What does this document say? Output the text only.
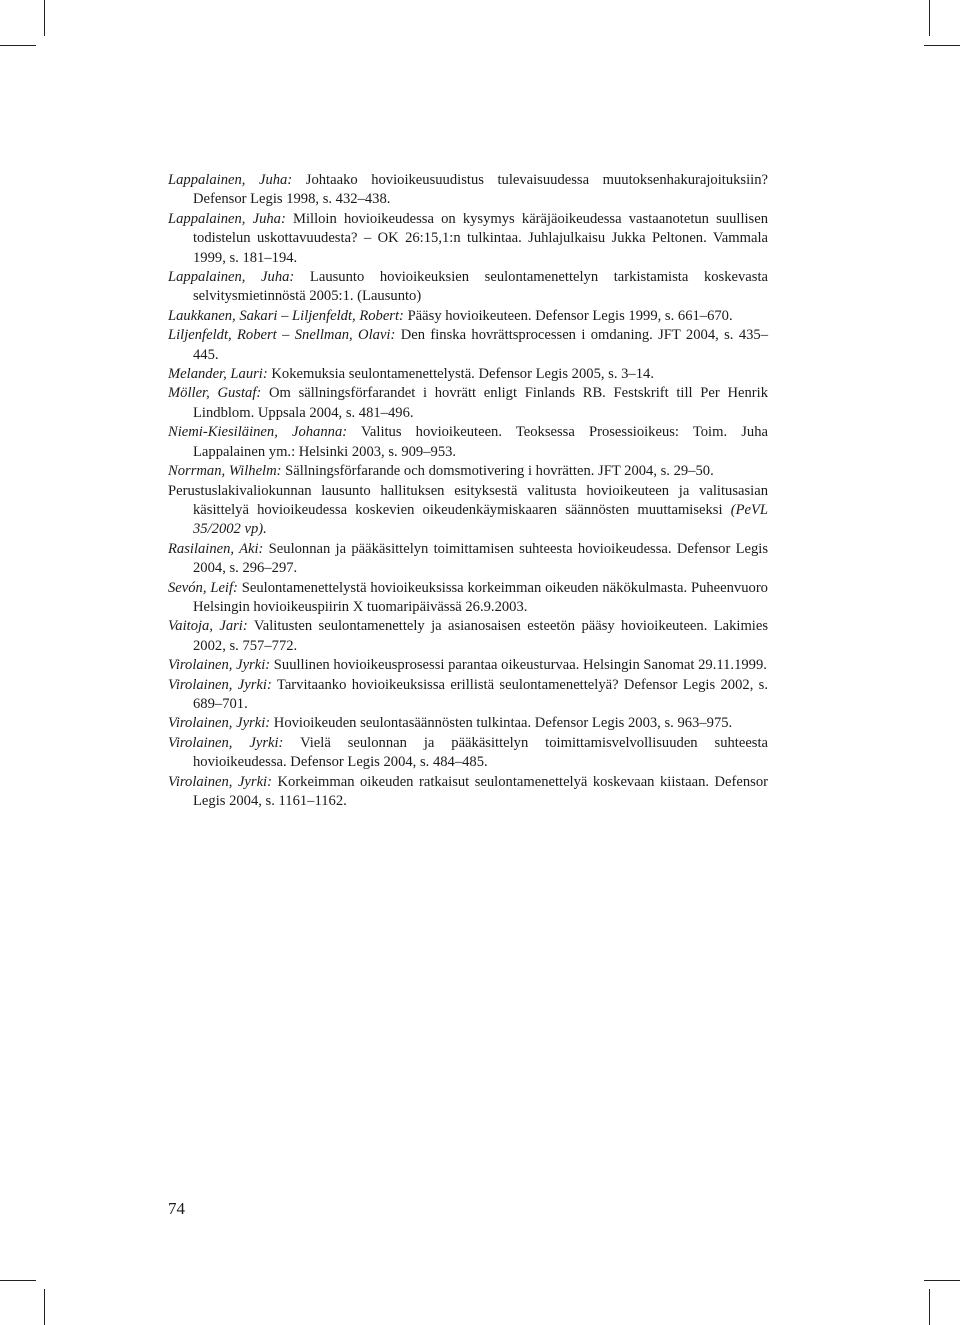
Lappalainen, Juha: Johtaako hovioikeusuudistus tulevaisuudessa muutoksenhakurajoituksiin? Defensor Legis 1998, s. 432–438.
Lappalainen, Juha: Milloin hovioikeudessa on kysymys käräjäoikeudessa vastaanotetun suullisen todistelun uskottavuudesta? – OK 26:15,1:n tulkintaa. Juhlajulkaisu Jukka Peltonen. Vammala 1999, s. 181–194.
Lappalainen, Juha: Lausunto hovioikeuksien seulontamenettelyn tarkistamista koskevasta selvitysmietinnöstä 2005:1. (Lausunto)
Laukkanen, Sakari – Liljenfeldt, Robert: Pääsy hovioikeuteen. Defensor Legis 1999, s. 661–670.
Liljenfeldt, Robert – Snellman, Olavi: Den finska hovrättsprocessen i omdaning. JFT 2004, s. 435–445.
Melander, Lauri: Kokemuksia seulontamenettelystä. Defensor Legis 2005, s. 3–14.
Möller, Gustaf: Om sällningsförfarandet i hovrätt enligt Finlands RB. Festskrift till Per Henrik Lindblom. Uppsala 2004, s. 481–496.
Niemi-Kiesiläinen, Johanna: Valitus hovioikeuteen. Teoksessa Prosessioikeus: Toim. Juha Lappalainen ym.: Helsinki 2003, s. 909–953.
Norrman, Wilhelm: Sällningsförfarande och domsmotivering i hovrätten. JFT 2004, s. 29–50.
Perustuslakivaliokunnan lausunto hallituksen esityksestä valitusta hovioikeuteen ja valitusasian käsittelyä hovioikeudessa koskevien oikeudenkäymiskaaren säännösten muuttamiseksi (PeVL 35/2002 vp).
Rasilainen, Aki: Seulonnan ja pääkäsittelyn toimittamisen suhteesta hovioikeudessa. Defensor Legis 2004, s. 296–297.
Sevón, Leif: Seulontamenettelystä hovioikeuksissa korkeimman oikeuden näkökulmasta. Puheenvuoro Helsingin hovioikeuspiirin X tuomaripäivässä 26.9.2003.
Vaitoja, Jari: Valitusten seulontamenettely ja asianosaisen esteetön pääsy hovioikeuteen. Lakimies 2002, s. 757–772.
Virolainen, Jyrki: Suullinen hovioikeusprosessi parantaa oikeusturvaa. Helsingin Sanomat 29.11.1999.
Virolainen, Jyrki: Tarvitaanko hovioikeuksissa erillistä seulontamenettelyä? Defensor Legis 2002, s. 689–701.
Virolainen, Jyrki: Hovioikeuden seulontasäännösten tulkintaa. Defensor Legis 2003, s. 963–975.
Virolainen, Jyrki: Vielä seulonnan ja pääkäsittelyn toimittamisvelvollisuuden suhteesta hovioikeudessa. Defensor Legis 2004, s. 484–485.
Virolainen, Jyrki: Korkeimman oikeuden ratkaisut seulontamenettelyä koskevaan kiistaan. Defensor Legis 2004, s. 1161–1162.

74
